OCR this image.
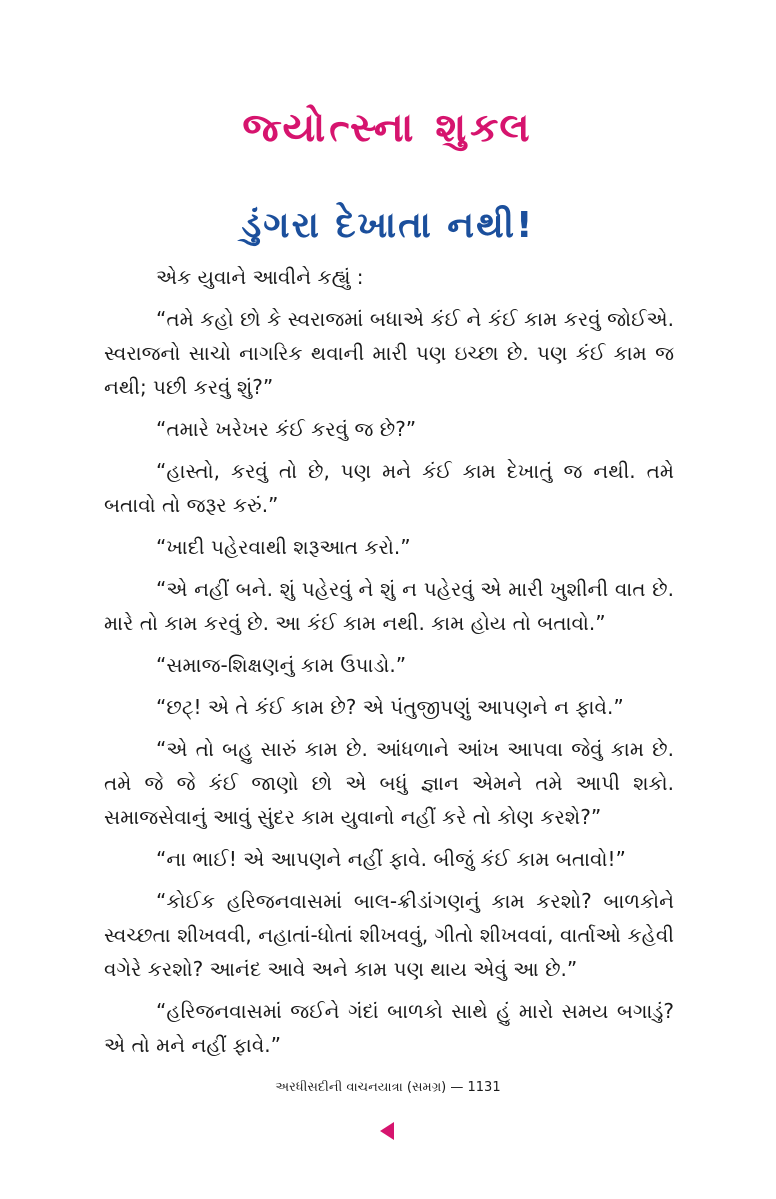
જ્યોત્સ્ના શુક્લ
ડુંગરા દેખાતા નથી!

એક યુવાને આવીને કહ્યું :

“તમે કહો છો કે સ્વરાજમાં બધાએ કંઈ ને કંઈ કામ કરવું જોઈએ. સ્વરાજનો સાચો નાગરિક થવાની મારી પણ ઇચ્છા છે. પણ કંઈ કામ જ નથી; પછી કરવું શું?”

“તમારે ખરેખર કંઈ કરવું જ છે?”

“હાસ્તો, કરવું તો છે, પણ મને કંઈ કામ દેખાતું જ નથી. તમે બતાવો તો જરૂર કરું.”

“ખાદી પહેરવાથી શરૂઆત કરો.”

“એ નહીં બને. શું પહેરવું ને શું ન પહેરવું એ મારી ખુશીની વાત છે. મારે તો કામ કરવું છે. આ કંઈ કામ નથી. કામ હોય તો બતાવો.”

“સમાજ-શિક્ષણનું કામ ઉપાડો.”

“છટ્! એ તે કંઈ કામ છે? એ પંતુજીપણું આપણને ન ફાવે.”

“એ તો બહુ સારું કામ છે. આંધળાને આંખ આપવા જેવું કામ છે. તમે જે જે કંઈ જાણો છો એ બધું જ્ઞાન એમને તમે આપી શકો. સમાજસેવાનું આવું સુંદર કામ યુવાનો નહીં કરે તો કોણ કરશે?”

“ના ભાઈ! એ આપણને નહીં ફાવે. બીજું કંઈ કામ બતાવો!”

“કોઈક હરિજનવાસમાં બાલ-ક્રીડાંગણનું કામ કરશો? બાળકોને સ્વચ્છતા શીખવવી, નહાતાં-ધોતાં શીખવવું, ગીતો શીખવવાં, વાર્તાઓ કહેવી વગેરે કરશો? આનંદ આવે અને કામ પણ થાય એવું આ છે.”

“હરિજનવાસમાં જઈને ગંદાં બાળકો સાથે હું મારો સમય બગાડું? એ તો મને નહીં ફાવે.”

અરધીસદીની વાચનયાત્રા (સમગ્ર) — 1131
